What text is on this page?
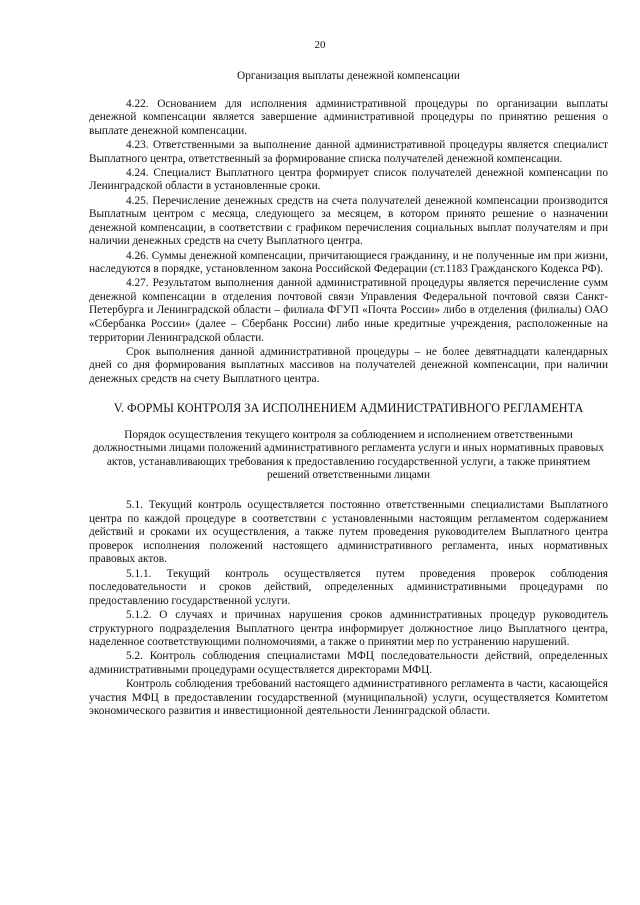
20
Организация выплаты денежной компенсации

4.22. Основанием для исполнения административной процедуры по организации выплаты денежной компенсации является завершение административной процедуры по принятию решения о выплате денежной компенсации.

4.23. Ответственными за выполнение данной административной процедуры является специалист Выплатного центра, ответственный за формирование списка получателей денежной компенсации.

4.24. Специалист Выплатного центра формирует список получателей денежной компенсации по Ленинградской области в установленные сроки.

4.25. Перечисление денежных средств на счета получателей денежной компенсации производится Выплатным центром с месяца, следующего за месяцем, в котором принято решение о назначении денежной компенсации, в соответствии с графиком перечисления социальных выплат получателям и при наличии денежных средств на счету Выплатного центра.

4.26. Суммы денежной компенсации, причитающиеся гражданину, и не полученные им при жизни, наследуются в порядке, установленном закона Российской Федерации (ст.1183 Гражданского Кодекса РФ).

4.27. Результатом выполнения данной административной процедуры является перечисление сумм денежной компенсации в отделения почтовой связи Управления Федеральной почтовой связи Санкт-Петербурга и Ленинградской области – филиала ФГУП «Почта России» либо в отделения (филиалы) ОАО «Сбербанка России» (далее – Сбербанк России) либо иные кредитные учреждения, расположенные на территории Ленинградской области.

Срок выполнения данной административной процедуры – не более девятнадцати календарных дней со дня формирования выплатных массивов на получателей денежной компенсации, при наличии денежных средств на счету Выплатного центра.

V. ФОРМЫ КОНТРОЛЯ ЗА ИСПОЛНЕНИЕМ АДМИНИСТРАТИВНОГО РЕГЛАМЕНТА
Порядок осуществления текущего контроля за соблюдением и исполнением ответственными должностными лицами положений административного регламента услуги и иных нормативных правовых актов, устанавливающих требования к предоставлению государственной услуги, а также принятием решений ответственными лицами

5.1. Текущий контроль осуществляется постоянно ответственными специалистами Выплатного центра по каждой процедуре в соответствии с установленными настоящим регламентом содержанием действий и сроками их осуществления, а также путем проведения руководителем Выплатного центра проверок исполнения положений настоящего административного регламента, иных нормативных правовых актов.

5.1.1. Текущий контроль осуществляется путем проведения проверок соблюдения последовательности и сроков действий, определенных административными процедурами по предоставлению государственной услуги.

5.1.2. О случаях и причинах нарушения сроков административных процедур руководитель структурного подразделения Выплатного центра информирует должностное лицо Выплатного центра, наделенное соответствующими полномочиями, а также о принятии мер по устранению нарушений.

5.2. Контроль соблюдения специалистами МФЦ последовательности действий, определенных административными процедурами осуществляется директорами МФЦ.

Контроль соблюдения требований настоящего административного регламента в части, касающейся участия МФЦ в предоставлении государственной (муниципальной) услуги, осуществляется Комитетом экономического развития и инвестиционной деятельности Ленинградской области.
